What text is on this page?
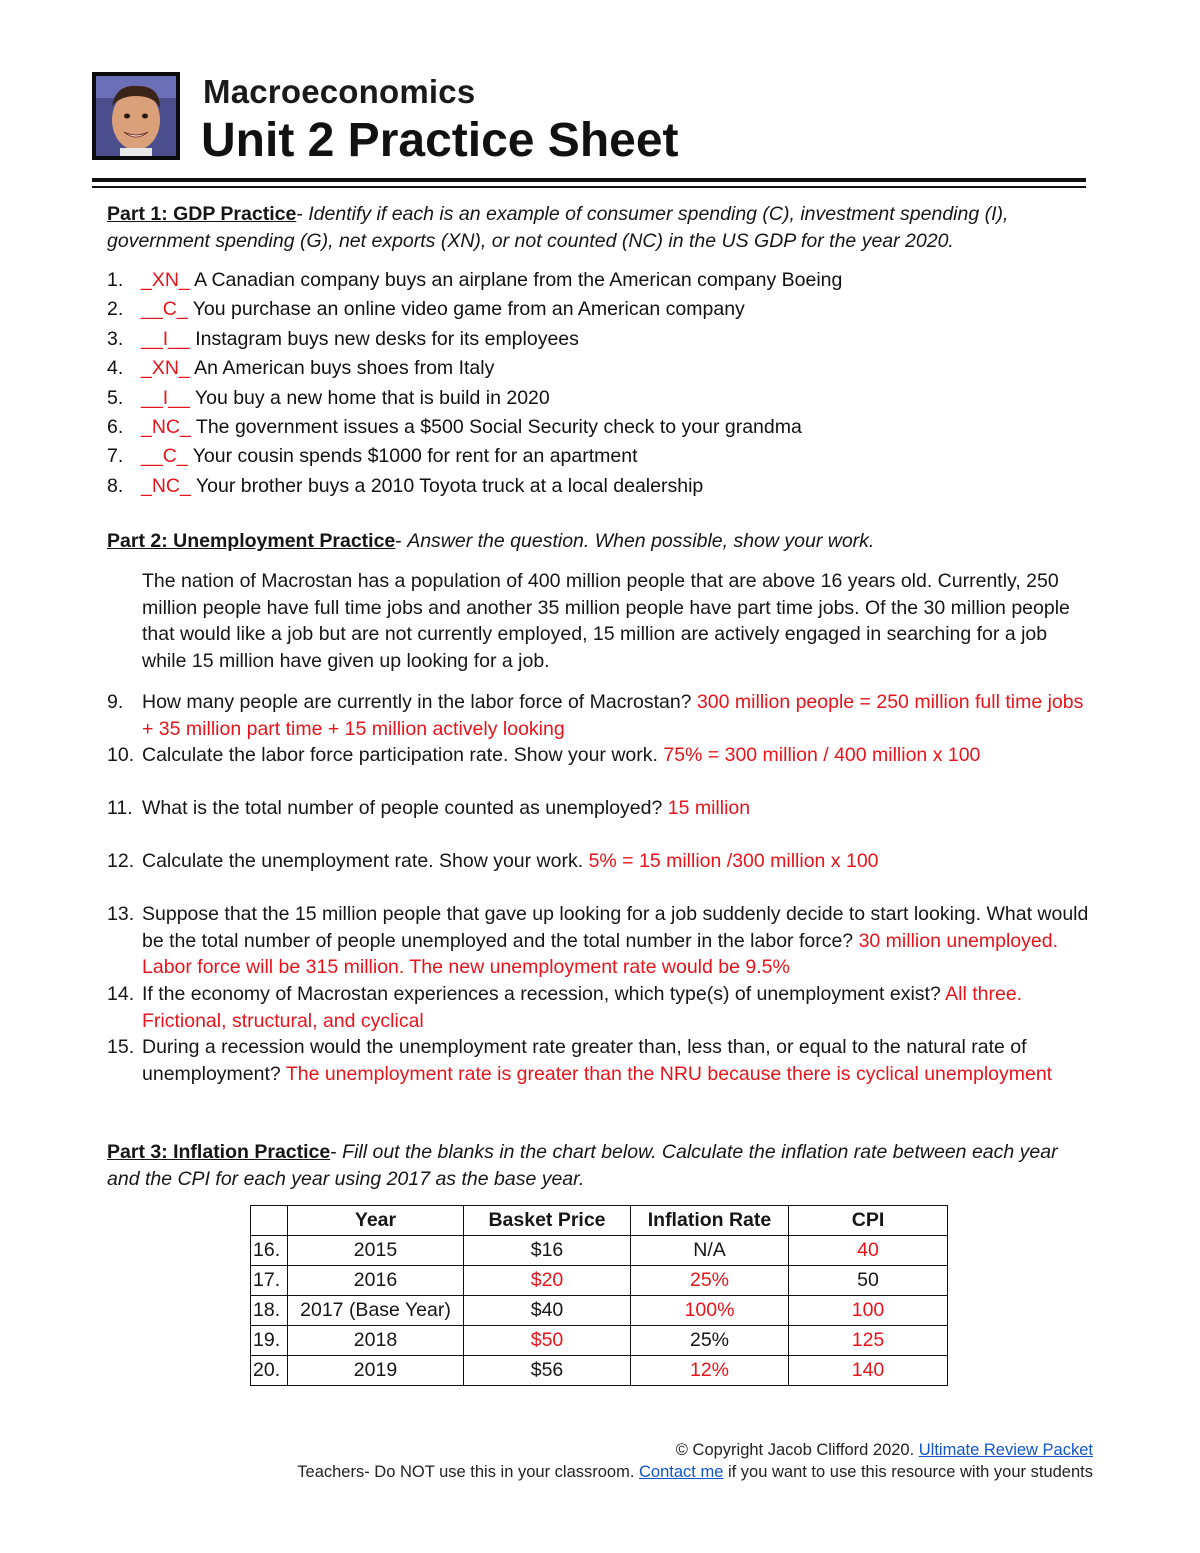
Macroeconomics
Unit 2 Practice Sheet
Part 1: GDP Practice- Identify if each is an example of consumer spending (C), investment spending (I), government spending (G), net exports (XN), or not counted (NC) in the US GDP for the year 2020.
1. _XN_ A Canadian company buys an airplane from the American company Boeing
2. __C_ You purchase an online video game from an American company
3. __I__ Instagram buys new desks for its employees
4. _XN_ An American buys shoes from Italy
5. __I__ You buy a new home that is build in 2020
6. _NC_ The government issues a $500 Social Security check to your grandma
7. __C_ Your cousin spends $1000 for rent for an apartment
8. _NC_ Your brother buys a 2010 Toyota truck at a local dealership
Part 2: Unemployment Practice- Answer the question. When possible, show your work.
The nation of Macrostan has a population of 400 million people that are above 16 years old. Currently, 250 million people have full time jobs and another 35 million people have part time jobs. Of the 30 million people that would like a job but are not currently employed, 15 million are actively engaged in searching for a job while 15 million have given up looking for a job.
9. How many people are currently in the labor force of Macrostan? 300 million people = 250 million full time jobs + 35 million part time + 15 million actively looking
10. Calculate the labor force participation rate. Show your work. 75% = 300 million / 400 million x 100
11. What is the total number of people counted as unemployed? 15 million
12. Calculate the unemployment rate. Show your work. 5% = 15 million /300 million x 100
13. Suppose that the 15 million people that gave up looking for a job suddenly decide to start looking. What would be the total number of people unemployed and the total number in the labor force? 30 million unemployed. Labor force will be 315 million. The new unemployment rate would be 9.5%
14. If the economy of Macrostan experiences a recession, which type(s) of unemployment exist? All three. Frictional, structural, and cyclical
15. During a recession would the unemployment rate greater than, less than, or equal to the natural rate of unemployment? The unemployment rate is greater than the NRU because there is cyclical unemployment
Part 3: Inflation Practice- Fill out the blanks in the chart below. Calculate the inflation rate between each year and the CPI for each year using 2017 as the base year.
	Year	Basket Price	Inflation Rate	CPI
16.	2015	$16	N/A	40
17.	2016	$20	25%	50
18.	2017 (Base Year)	$40	100%	100
19.	2018	$50	25%	125
20.	2019	$56	12%	140
© Copyright Jacob Clifford 2020. Ultimate Review Packet
Teachers- Do NOT use this in your classroom. Contact me if you want to use this resource with your students
